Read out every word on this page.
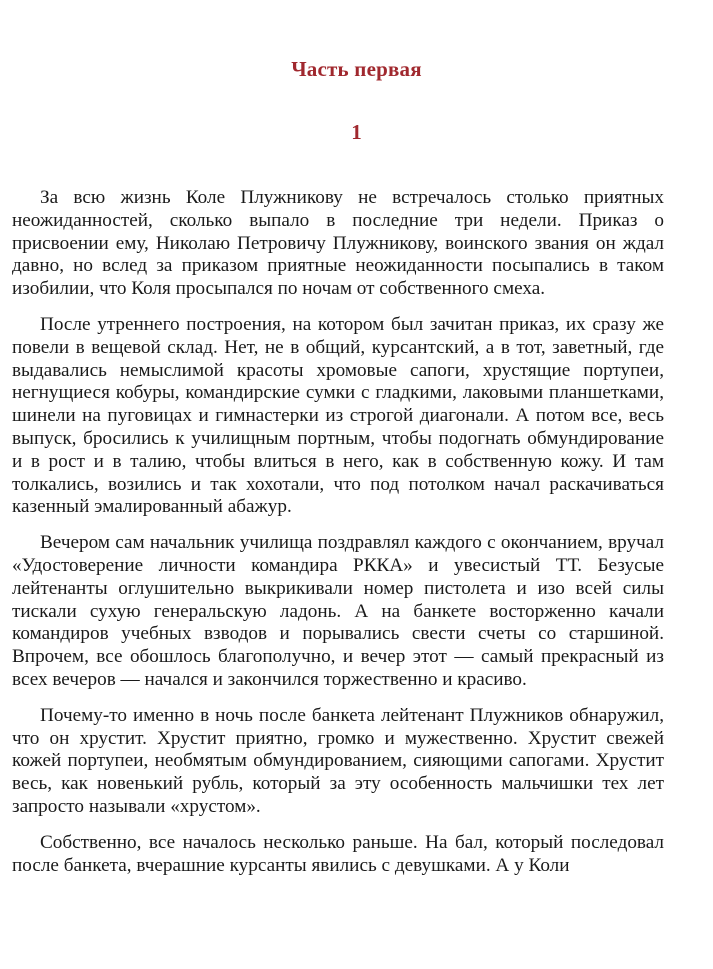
Часть первая
1

За всю жизнь Коле Плужникову не встречалось столько приятных неожиданностей, сколько выпало в последние три недели. Приказ о присвоении ему, Николаю Петровичу Плужникову, воинского звания он ждал давно, но вслед за приказом приятные неожиданности посыпались в таком изобилии, что Коля просыпался по ночам от собственного смеха.

После утреннего построения, на котором был зачитан приказ, их сразу же повели в вещевой склад. Нет, не в общий, курсантский, а в тот, заветный, где выдавались немыслимой красоты хромовые сапоги, хрустящие портупеи, негнущиеся кобуры, командирские сумки с гладкими, лаковыми планшетками, шинели на пуговицах и гимнастерки из строгой диагонали. А потом все, весь выпуск, бросились к училищным портным, чтобы подогнать обмундирование и в рост и в талию, чтобы влиться в него, как в собственную кожу. И там толкались, возились и так хохотали, что под потолком начал раскачиваться казенный эмалированный абажур.

Вечером сам начальник училища поздравлял каждого с окончанием, вручал «Удостоверение личности командира РККА» и увесистый ТТ. Безусые лейтенанты оглушительно выкрикивали номер пистолета и изо всей силы тискали сухую генеральскую ладонь. А на банкете восторженно качали командиров учебных взводов и порывались свести счеты со старшиной. Впрочем, все обошлось благополучно, и вечер этот — самый прекрасный из всех вечеров — начался и закончился торжественно и красиво.

Почему-то именно в ночь после банкета лейтенант Плужников обнаружил, что он хрустит. Хрустит приятно, громко и мужественно. Хрустит свежей кожей портупеи, необмятым обмундированием, сияющими сапогами. Хрустит весь, как новенький рубль, который за эту особенность мальчишки тех лет запросто называли «хрустом».

Собственно, все началось несколько раньше. На бал, который последовал после банкета, вчерашние курсанты явились с девушками. А у Коли
